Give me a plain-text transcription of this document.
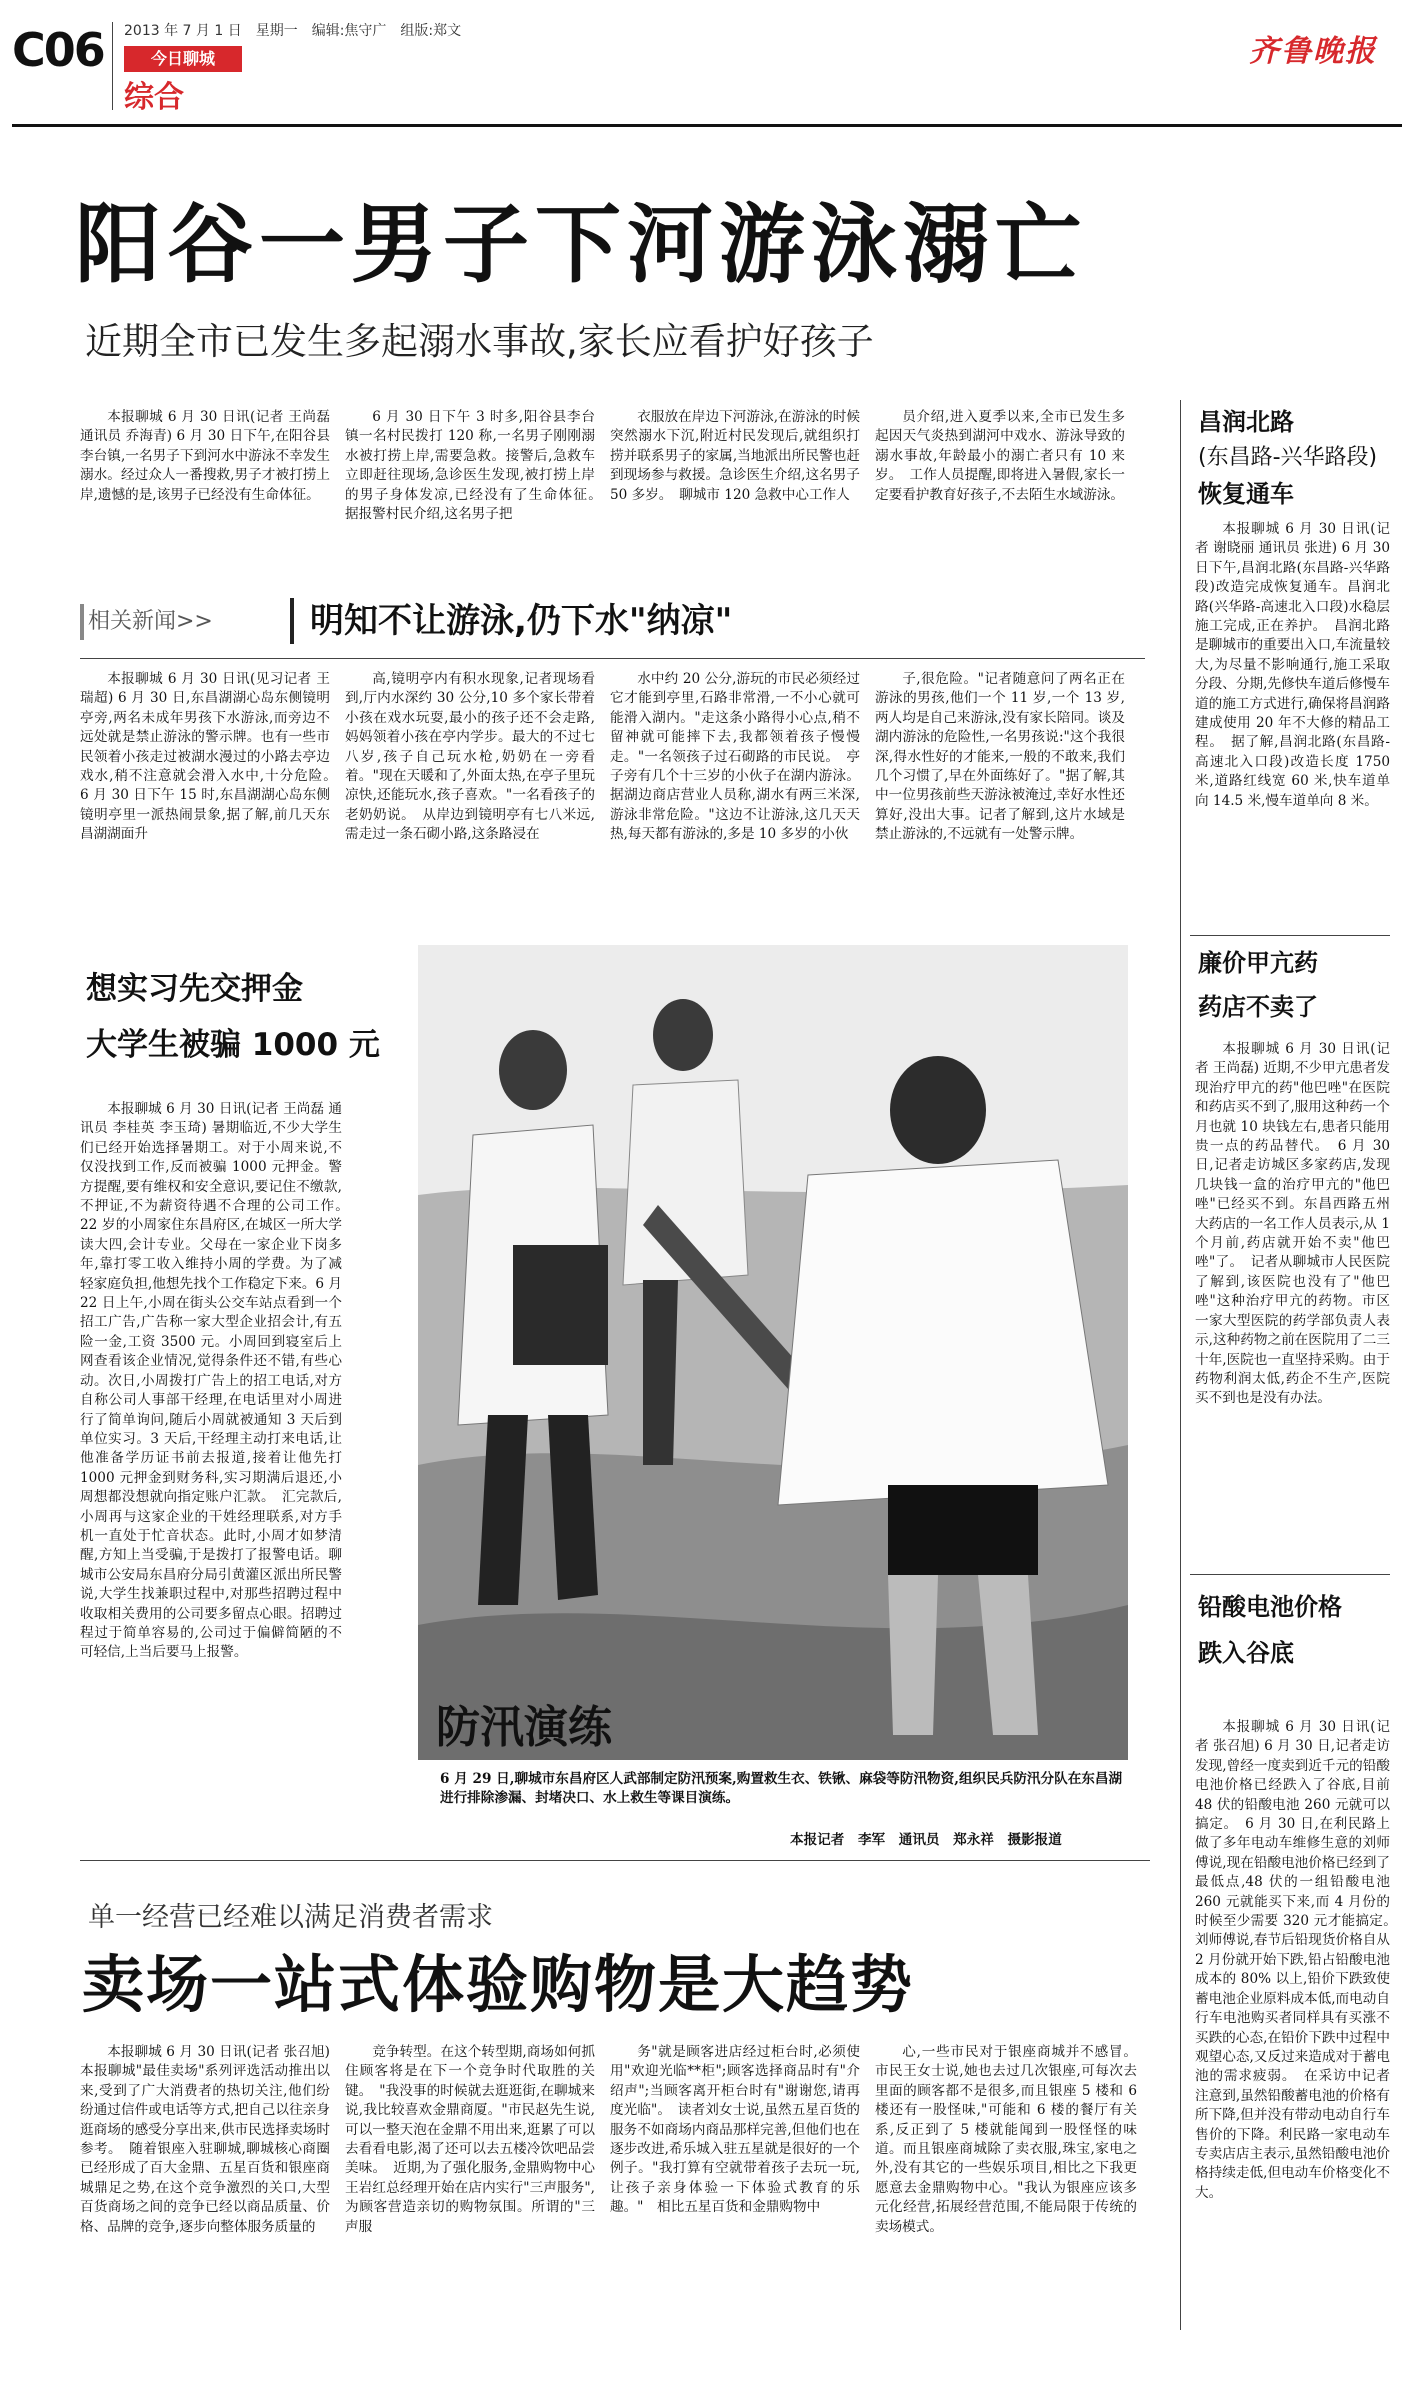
C06 2013 年 7 月 1 日　星期一　编辑:焦守广　组版:郑文
今日聊城
综合
齐鲁晚报
阳谷一男子下河游泳溺亡
近期全市已发生多起溺水事故,家长应看护好孩子
本报聊城 6 月 30 日讯(记者 王尚磊 通讯员 乔海青) 6 月 30 日下午,在阳谷县李台镇,一名男子下到河水中游泳不幸发生溺水。经过众人一番搜救,男子才被打捞上岸,遗憾的是,该男子已经没有生命体征。
6 月 30 日下午 3 时多,阳谷县李台镇一名村民拨打 120 称,一名男子刚刚溺水被打捞上岸,需要急救。接警后,急救车立即赶往现场,急诊医生发现,被打捞上岸的男子身体发凉,已经没有了生命体征。　据报警村民介绍,这名男子把
衣服放在岸边下河游泳,在游泳的时候突然溺水下沉,附近村民发现后,就组织打捞并联系男子的家属,当地派出所民警也赶到现场参与救援。急诊医生介绍,这名男子 50 多岁。　聊城市 120 急救中心工作人
员介绍,进入夏季以来,全市已发生多起因天气炎热到湖河中戏水、游泳导致的溺水事故,年龄最小的溺亡者只有 10 来岁。　工作人员提醒,即将进入暑假,家长一定要看护教育好孩子,不去陌生水域游泳。
相关新闻>>	明知不让游泳,仍下水"纳凉"
本报聊城 6 月 30 日讯(见习记者 王瑞超) 6 月 30 日,东昌湖湖心岛东侧镜明亭旁,两名未成年男孩下水游泳,而旁边不远处就是禁止游泳的警示牌。也有一些市民领着小孩走过被湖水漫过的小路去亭边戏水,稍不注意就会滑入水中,十分危险。　6 月 30 日下午 15 时,东昌湖湖心岛东侧镜明亭里一派热闹景象,据了解,前几天东昌湖湖面升
高,镜明亭内有积水现象,记者现场看到,厅内水深约 30 公分,10 多个家长带着小孩在戏水玩耍,最小的孩子还不会走路,妈妈领着小孩在亭内学步。最大的不过七八岁,孩子自己玩水枪,奶奶在一旁看着。"现在天暖和了,外面太热,在亭子里玩凉快,还能玩水,孩子喜欢。"一名看孩子的老奶奶说。　从岸边到镜明亭有七八米远,需走过一条石砌小路,这条路浸在
水中约 20 公分,游玩的市民必须经过它才能到亭里,石路非常滑,一不小心就可能滑入湖内。"走这条小路得小心点,稍不留神就可能摔下去,我都领着孩子慢慢走。"一名领孩子过石砌路的市民说。　亭子旁有几个十三岁的小伙子在湖内游泳。据湖边商店营业人员称,湖水有两三米深,游泳非常危险。"这边不让游泳,这几天天热,每天都有游泳的,多是 10 多岁的小伙
子,很危险。"记者随意问了两名正在游泳的男孩,他们一个 11 岁,一个 13 岁,两人均是自己来游泳,没有家长陪同。谈及湖内游泳的危险性,一名男孩说:"这个我很深,得水性好的才能来,一般的不敢来,我们几个习惯了,早在外面练好了。"据了解,其中一位男孩前些天游泳被淹过,幸好水性还算好,没出大事。记者了解到,这片水域是禁止游泳的,不远就有一处警示牌。
想实习先交押金
大学生被骗 1000 元
本报聊城 6 月 30 日讯(记者 王尚磊 通讯员 李桂英 李玉琦) 暑期临近,不少大学生们已经开始选择暑期工。对于小周来说,不仅没找到工作,反而被骗 1000 元押金。警方提醒,要有维权和安全意识,要记住不缴款,不押证,不为薪资待遇不合理的公司工作。　22 岁的小周家住东昌府区,在城区一所大学读大四,会计专业。父母在一家企业下岗多年,靠打零工收入维持小周的学费。为了减轻家庭负担,他想先找个工作稳定下来。6 月 22 日上午,小周在街头公交车站点看到一个招工广告,广告称一家大型企业招会计,有五险一金,工资 3500 元。小周回到寝室后上网查看该企业情况,觉得条件还不错,有些心动。次日,小周拨打广告上的招工电话,对方自称公司人事部干经理,在电话里对小周进行了简单询问,随后小周就被通知 3 天后到单位实习。3 天后,干经理主动打来电话,让他准备学历证书前去报道,接着让他先打 1000 元押金到财务科,实习期满后退还,小周想都没想就向指定账户汇款。　汇完款后,小周再与这家企业的干姓经理联系,对方手机一直处于忙音状态。此时,小周才如梦清醒,方知上当受骗,于是拨打了报警电话。聊城市公安局东昌府分局引黄灌区派出所民警说,大学生找兼职过程中,对那些招聘过程中收取相关费用的公司要多留点心眼。招聘过程过于简单容易的,公司过于偏僻简陋的不可轻信,上当后要马上报警。
防汛演练
6 月 29 日,聊城市东昌府区人武部制定防汛预案,购置救生衣、铁锹、麻袋等防汛物资,组织民兵防汛分队在东昌湖进行排除渗漏、封堵决口、水上救生等课目演练。
本报记者　李军　通讯员　郑永祥　摄影报道
昌润北路
(东昌路-兴华路段)
恢复通车
本报聊城 6 月 30 日讯(记者 谢晓丽 通讯员 张进) 6 月 30 日下午,昌润北路(东昌路-兴华路段)改造完成恢复通车。昌润北路(兴华路-高速北入口段)水稳层施工完成,正在养护。　昌润北路是聊城市的重要出入口,车流量较大,为尽量不影响通行,施工采取分段、分期,先修快车道后修慢车道的施工方式进行,确保将昌润路建成使用 20 年不大修的精品工程。　据了解,昌润北路(东昌路-高速北入口段)改造长度 1750 米,道路红线宽 60 米,快车道单向 14.5 米,慢车道单向 8 米。
廉价甲亢药
药店不卖了
本报聊城 6 月 30 日讯(记者 王尚磊) 近期,不少甲亢患者发现治疗甲亢的药"他巴唑"在医院和药店买不到了,服用这种药一个月也就 10 块钱左右,患者只能用贵一点的药品替代。　6 月 30 日,记者走访城区多家药店,发现几块钱一盒的治疗甲亢的"他巴唑"已经买不到。东昌西路五州大药店的一名工作人员表示,从 1 个月前,药店就开始不卖"他巴唑"了。　记者从聊城市人民医院了解到,该医院也没有了"他巴唑"这种治疗甲亢的药物。市区一家大型医院的药学部负责人表示,这种药物之前在医院用了二三十年,医院也一直坚持采购。由于药物利润太低,药企不生产,医院买不到也是没有办法。
铅酸电池价格
跌入谷底
本报聊城 6 月 30 日讯(记者 张召旭) 6 月 30 日,记者走访发现,曾经一度卖到近千元的铅酸电池价格已经跌入了谷底,目前 48 伏的铅酸电池 260 元就可以搞定。　6 月 30 日,在利民路上做了多年电动车维修生意的刘师傅说,现在铅酸电池价格已经到了最低点,48 伏的一组铅酸电池 260 元就能买下来,而 4 月份的时候至少需要 320 元才能搞定。　刘师傅说,春节后铅现货价格自从 2 月份就开始下跌,铅占铅酸电池成本的 80% 以上,铅价下跌致使蓄电池企业原料成本低,而电动自行车电池购买者同样具有买涨不买跌的心态,在铅价下跌中过程中观望心态,又反过来造成对于蓄电池的需求疲弱。　在采访中记者注意到,虽然铅酸蓄电池的价格有所下降,但并没有带动电动自行车售价的下降。利民路一家电动车专卖店店主表示,虽然铅酸电池价格持续走低,但电动车价格变化不大。
单一经营已经难以满足消费者需求
卖场一站式体验购物是大趋势
本报聊城 6 月 30 日讯(记者 张召旭) 本报聊城"最佳卖场"系列评选活动推出以来,受到了广大消费者的热切关注,他们纷纷通过信件或电话等方式,把自己以往亲身逛商场的感受分享出来,供市民选择卖场时参考。　随着银座入驻聊城,聊城核心商圈已经形成了百大金鼎、五星百货和银座商城鼎足之势,在这个竞争激烈的关口,大型百货商场之间的竞争已经以商品质量、价格、品牌的竞争,逐步向整体服务质量的
竞争转型。在这个转型期,商场如何抓住顾客将是在下一个竞争时代取胜的关键。　"我没事的时候就去逛逛街,在聊城来说,我比较喜欢金鼎商厦。"市民赵先生说,可以一整天泡在金鼎不用出来,逛累了可以去看看电影,渴了还可以去五楼冷饮吧品尝美味。　近期,为了强化服务,金鼎购物中心王岩红总经理开始在店内实行"三声服务",为顾客营造亲切的购物氛围。所谓的"三声服
务"就是顾客进店经过柜台时,必须使用"欢迎光临**柜";顾客选择商品时有"介绍声";当顾客离开柜台时有"谢谢您,请再度光临"。　读者刘女士说,虽然五星百货的服务不如商场内商品那样完善,但他们也在逐步改进,希乐城入驻五星就是很好的一个例子。"我打算有空就带着孩子去玩一玩,让孩子亲身体验一下体验式教育的乐趣。"　相比五星百货和金鼎购物中
心,一些市民对于银座商城并不感冒。市民王女士说,她也去过几次银座,可每次去里面的顾客都不是很多,而且银座 5 楼和 6 楼还有一股怪味,"可能和 6 楼的餐厅有关系,反正到了 5 楼就能闻到一股怪怪的味道。而且银座商城除了卖衣服,珠宝,家电之外,没有其它的一些娱乐项目,相比之下我更愿意去金鼎购物中心。"我认为银座应该多元化经营,拓展经营范围,不能局限于传统的卖场模式。
